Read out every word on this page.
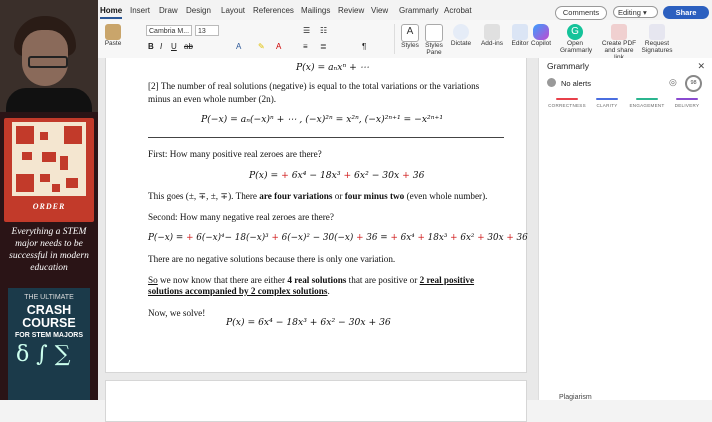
ORDER
Everything a STEM major needs to be successful in modern education
THE ULTIMATE
CRASH COURSE
FOR STEM MAJORS
δ ∫ ∑
Home Insert Draw Design Layout References Mailings Review View Grammarly Acrobat	Comments	Editing ▾	Share
Paste
Cambria M...	13
B I U ab	A ✎ A
☰ ☷
≡ ≣	¶
A
Styles Styles Pane
Dictate Add-ins Editor Copilot
G
Open Grammarly
Create PDF and share
Request Signatures
P(x) = aₙxⁿ + ⋯
[2] The number of real solutions (negative) is equal to the total variations or the variations
minus an even whole number (2n).
P(−x) = aₙ(−x)ⁿ + ⋯ , (−x)²ⁿ = x²ⁿ, (−x)²ⁿ⁺¹ = −x²ⁿ⁺¹
First: How many positive real zeroes are there?
P(x) = + 6x⁴ − 18x³ + 6x² − 30x + 36
This goes (±, ∓, ±, ∓). There are four variations or four minus two (even whole number).
Second: How many negative real zeroes are there?
P(−x) = + 6(−x)⁴− 18(−x)³ + 6(−x)² − 30(−x) + 36 = + 6x⁴ + 18x³ + 6x² + 30x + 36
There are no negative solutions because there is only one variation.
So we now know that there are either 4 real solutions that are positive or 2 real positive
solutions accompanied by 2 complex solutions.
Now, we solve!
P(x) = 6x⁴ − 18x³ + 6x² − 30x + 36
Grammarly	✕
No alerts	◎	98
CORRECTNESS	CLARITY	ENGAGEMENT	DELIVERY
Plagiarism
